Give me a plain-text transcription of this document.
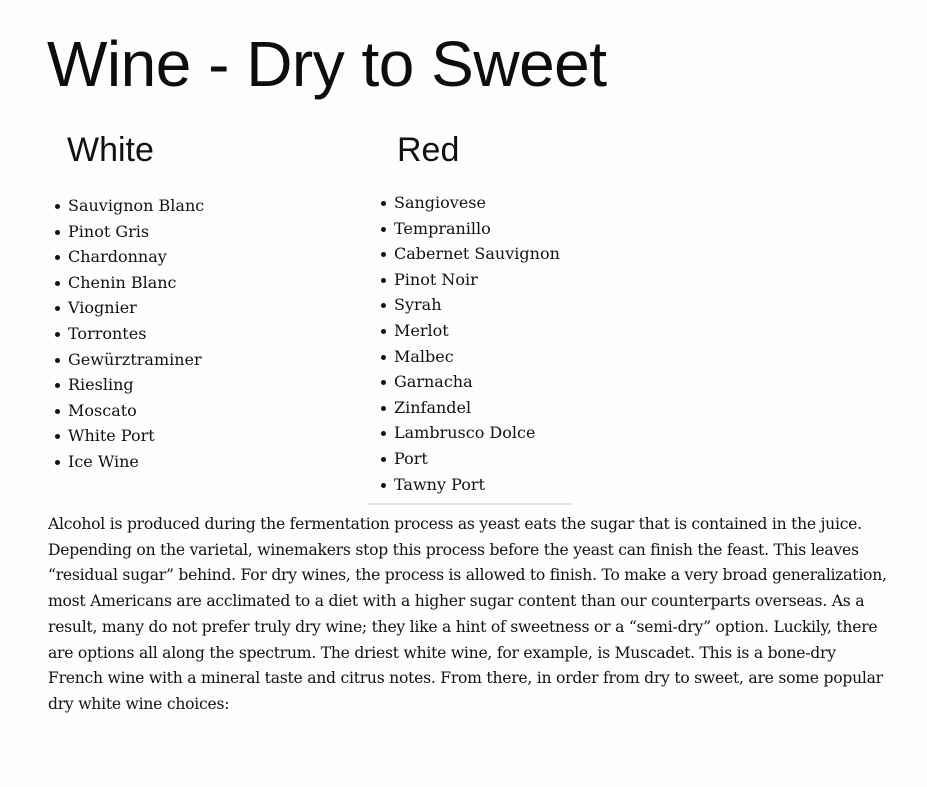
Wine - Dry to Sweet
White	Red
Sauvignon Blanc
Pinot Gris
Chardonnay
Chenin Blanc
Viognier
Torrontes
Gewürztraminer
Riesling
Moscato
White Port
Ice Wine
Sangiovese
Tempranillo
Cabernet Sauvignon
Pinot Noir
Syrah
Merlot
Malbec
Garnacha
Zinfandel
Lambrusco Dolce
Port
Tawny Port

Alcohol is produced during the fermentation process as yeast eats the sugar that is contained in the juice. Depending on the varietal, winemakers stop this process before the yeast can finish the feast. This leaves “residual sugar” behind. For dry wines, the process is allowed to finish. To make a very broad generalization, most Americans are acclimated to a diet with a higher sugar content than our counterparts overseas. As a result, many do not prefer truly dry wine; they like a hint of sweetness or a “semi-dry” option. Luckily, there are options all along the spectrum. The driest white wine, for example, is Muscadet. This is a bone-dry French wine with a mineral taste and citrus notes. From there, in order from dry to sweet, are some popular dry white wine choices:
